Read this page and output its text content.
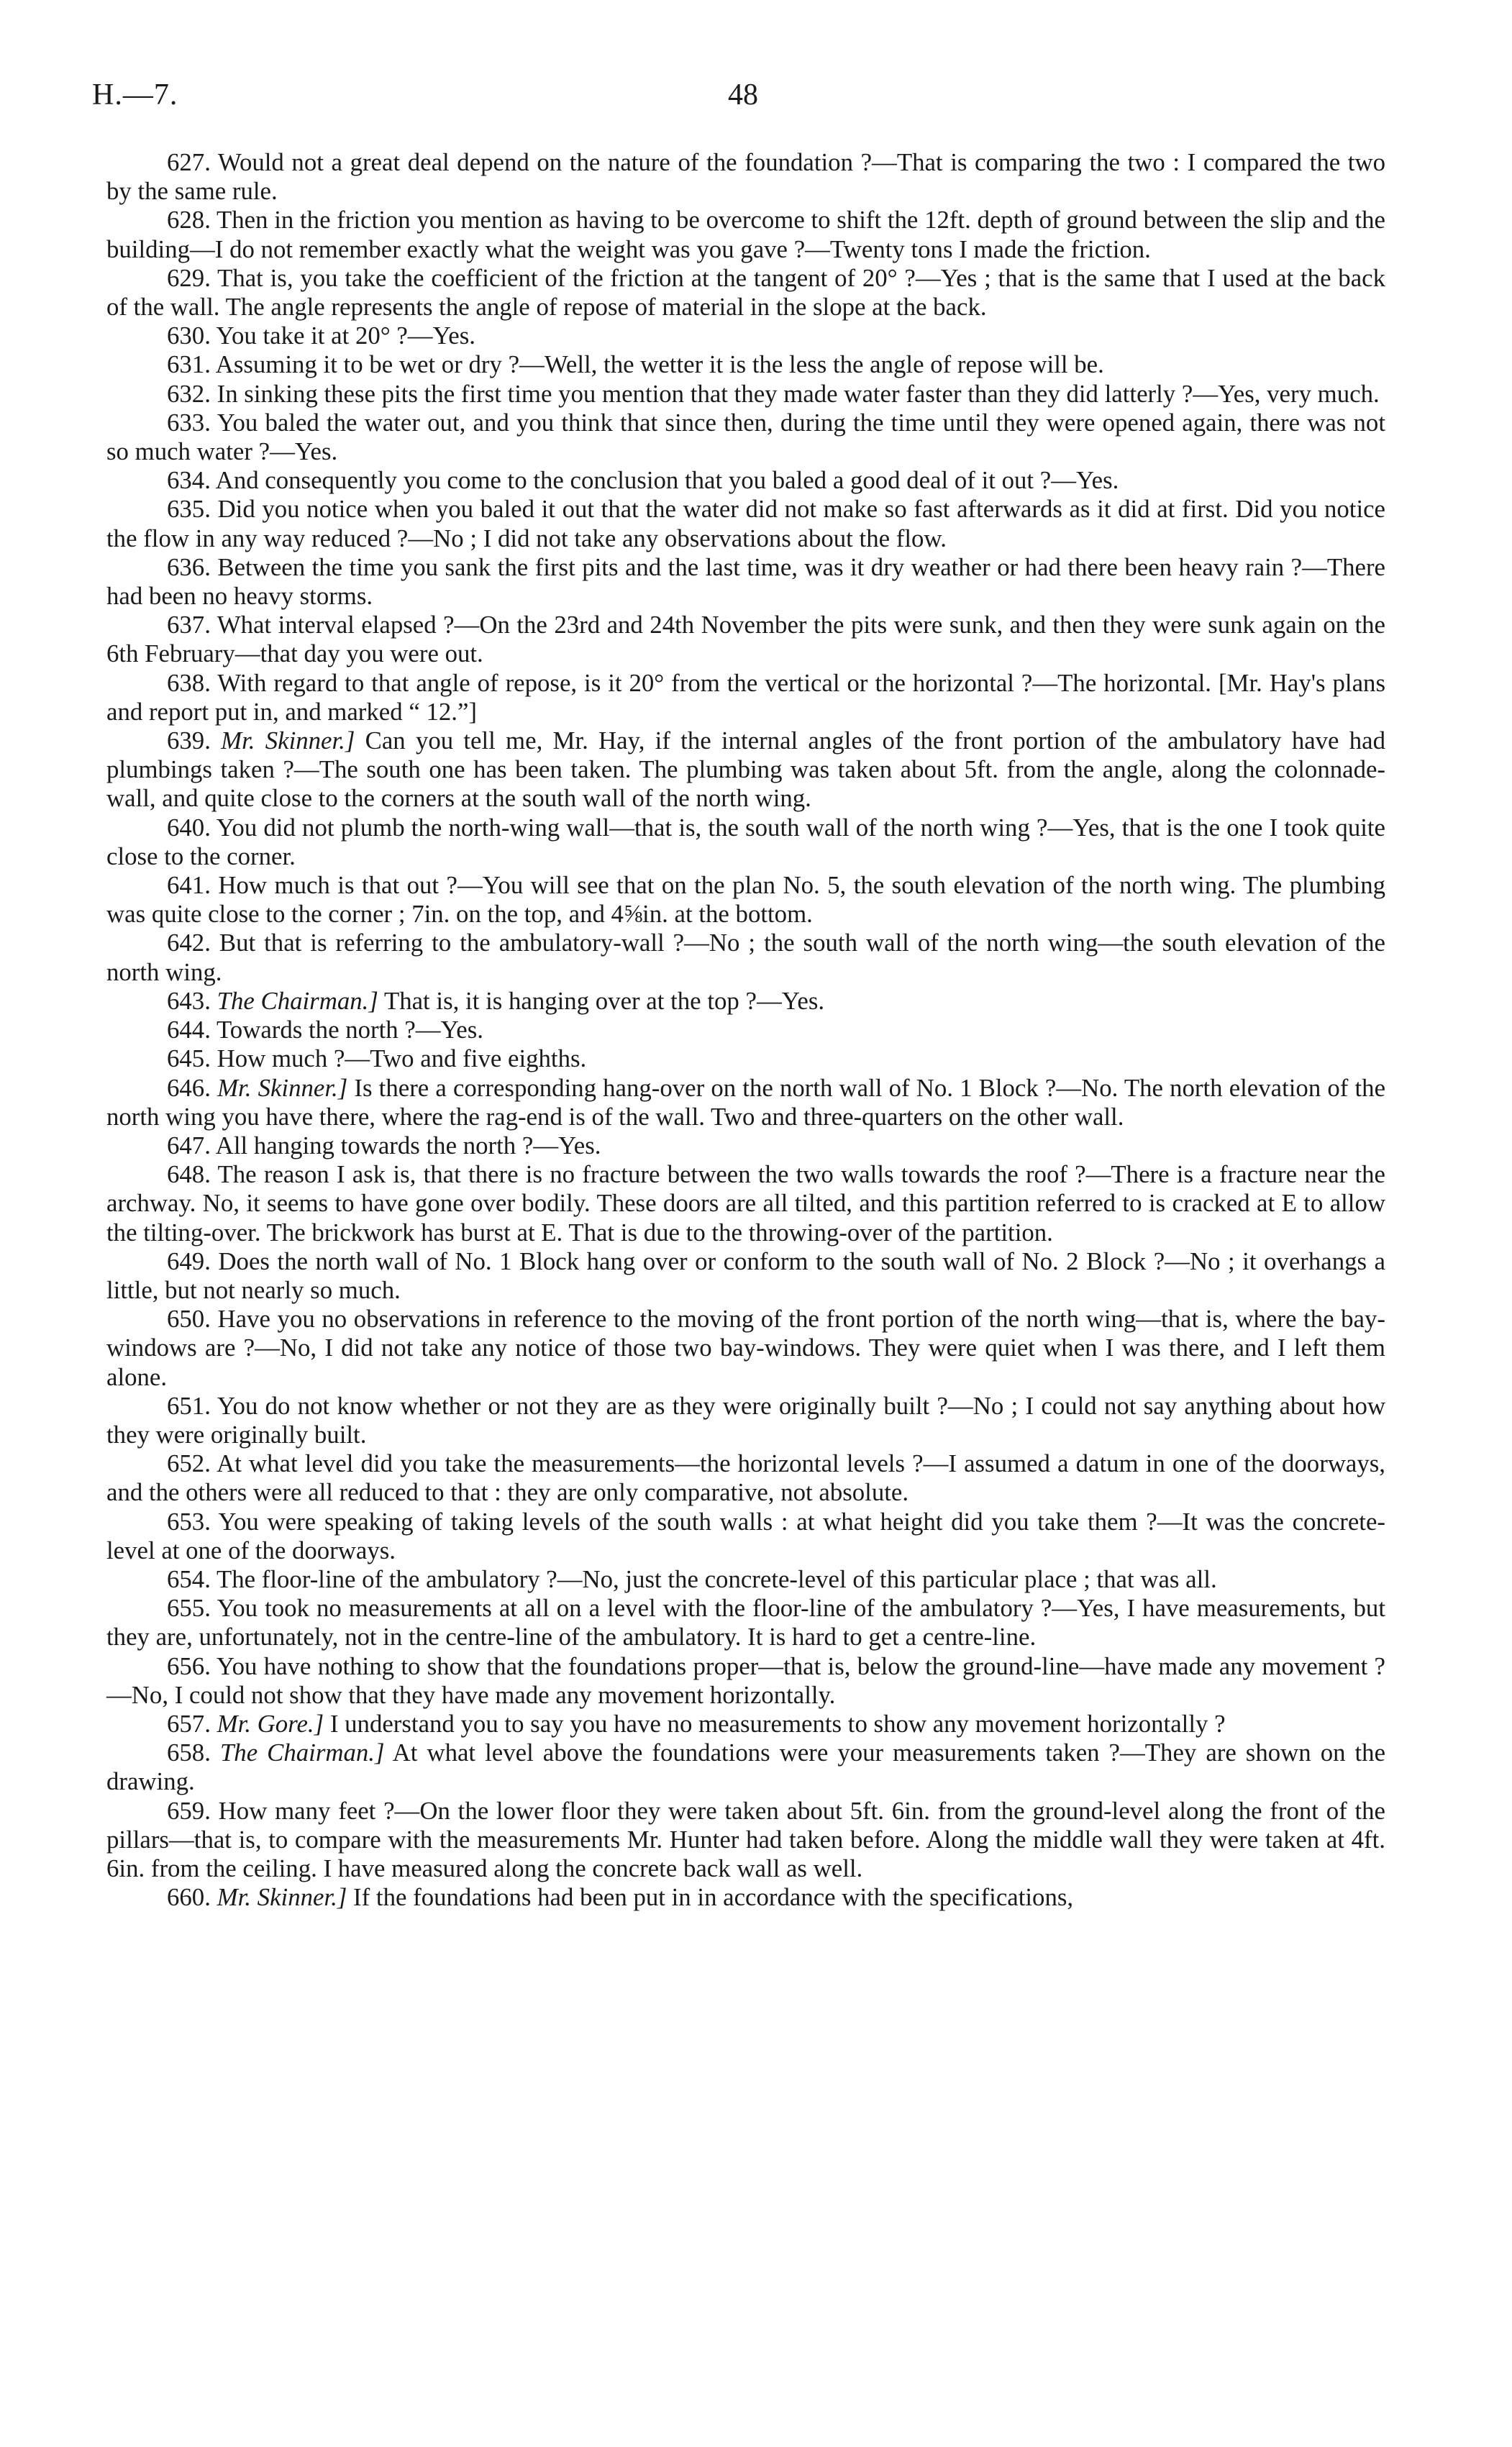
H.—7.	48

627. Would not a great deal depend on the nature of the foundation ?—That is comparing the two : I compared the two by the same rule.

628. Then in the friction you mention as having to be overcome to shift the 12ft. depth of ground between the slip and the building—I do not remember exactly what the weight was you gave ?—Twenty tons I made the friction.

629. That is, you take the coefficient of the friction at the tangent of 20° ?—Yes ; that is the same that I used at the back of the wall. The angle represents the angle of repose of material in the slope at the back.

630. You take it at 20° ?—Yes.

631. Assuming it to be wet or dry ?—Well, the wetter it is the less the angle of repose will be.

632. In sinking these pits the first time you mention that they made water faster than they did latterly ?—Yes, very much.

633. You baled the water out, and you think that since then, during the time until they were opened again, there was not so much water ?—Yes.

634. And consequently you come to the conclusion that you baled a good deal of it out ?—Yes.

635. Did you notice when you baled it out that the water did not make so fast afterwards as it did at first. Did you notice the flow in any way reduced ?—No ; I did not take any observations about the flow.

636. Between the time you sank the first pits and the last time, was it dry weather or had there been heavy rain ?—There had been no heavy storms.

637. What interval elapsed ?—On the 23rd and 24th November the pits were sunk, and then they were sunk again on the 6th February—that day you were out.

638. With regard to that angle of repose, is it 20° from the vertical or the horizontal ?—The horizontal. [Mr. Hay's plans and report put in, and marked “ 12.”]

639. Mr. Skinner.] Can you tell me, Mr. Hay, if the internal angles of the front portion of the ambulatory have had plumbings taken ?—The south one has been taken. The plumbing was taken about 5ft. from the angle, along the colonnade-wall, and quite close to the corners at the south wall of the north wing.

640. You did not plumb the north-wing wall—that is, the south wall of the north wing ?—Yes, that is the one I took quite close to the corner.

641. How much is that out ?—You will see that on the plan No. 5, the south elevation of the north wing. The plumbing was quite close to the corner ; 7in. on the top, and 4⅝in. at the bottom.

642. But that is referring to the ambulatory-wall ?—No ; the south wall of the north wing—the south elevation of the north wing.

643. The Chairman.] That is, it is hanging over at the top ?—Yes.

644. Towards the north ?—Yes.

645. How much ?—Two and five eighths.

646. Mr. Skinner.] Is there a corresponding hang-over on the north wall of No. 1 Block ?—No. The north elevation of the north wing you have there, where the rag-end is of the wall. Two and three-quarters on the other wall.

647. All hanging towards the north ?—Yes.

648. The reason I ask is, that there is no fracture between the two walls towards the roof ?—There is a fracture near the archway. No, it seems to have gone over bodily. These doors are all tilted, and this partition referred to is cracked at E to allow the tilting-over. The brickwork has burst at E. That is due to the throwing-over of the partition.

649. Does the north wall of No. 1 Block hang over or conform to the south wall of No. 2 Block ?—No ; it overhangs a little, but not nearly so much.

650. Have you no observations in reference to the moving of the front portion of the north wing—that is, where the bay-windows are ?—No, I did not take any notice of those two bay-windows. They were quiet when I was there, and I left them alone.

651. You do not know whether or not they are as they were originally built ?—No ; I could not say anything about how they were originally built.

652. At what level did you take the measurements—the horizontal levels ?—I assumed a datum in one of the doorways, and the others were all reduced to that : they are only comparative, not absolute.

653. You were speaking of taking levels of the south walls : at what height did you take them ?—It was the concrete-level at one of the doorways.

654. The floor-line of the ambulatory ?—No, just the concrete-level of this particular place ; that was all.

655. You took no measurements at all on a level with the floor-line of the ambulatory ?—Yes, I have measurements, but they are, unfortunately, not in the centre-line of the ambulatory. It is hard to get a centre-line.

656. You have nothing to show that the foundations proper—that is, below the ground-line—have made any movement ?—No, I could not show that they have made any movement horizontally.

657. Mr. Gore.] I understand you to say you have no measurements to show any movement horizontally ?

658. The Chairman.] At what level above the foundations were your measurements taken ?—They are shown on the drawing.

659. How many feet ?—On the lower floor they were taken about 5ft. 6in. from the ground-level along the front of the pillars—that is, to compare with the measurements Mr. Hunter had taken before. Along the middle wall they were taken at 4ft. 6in. from the ceiling. I have measured along the concrete back wall as well.

660. Mr. Skinner.] If the foundations had been put in in accordance with the specifications,
